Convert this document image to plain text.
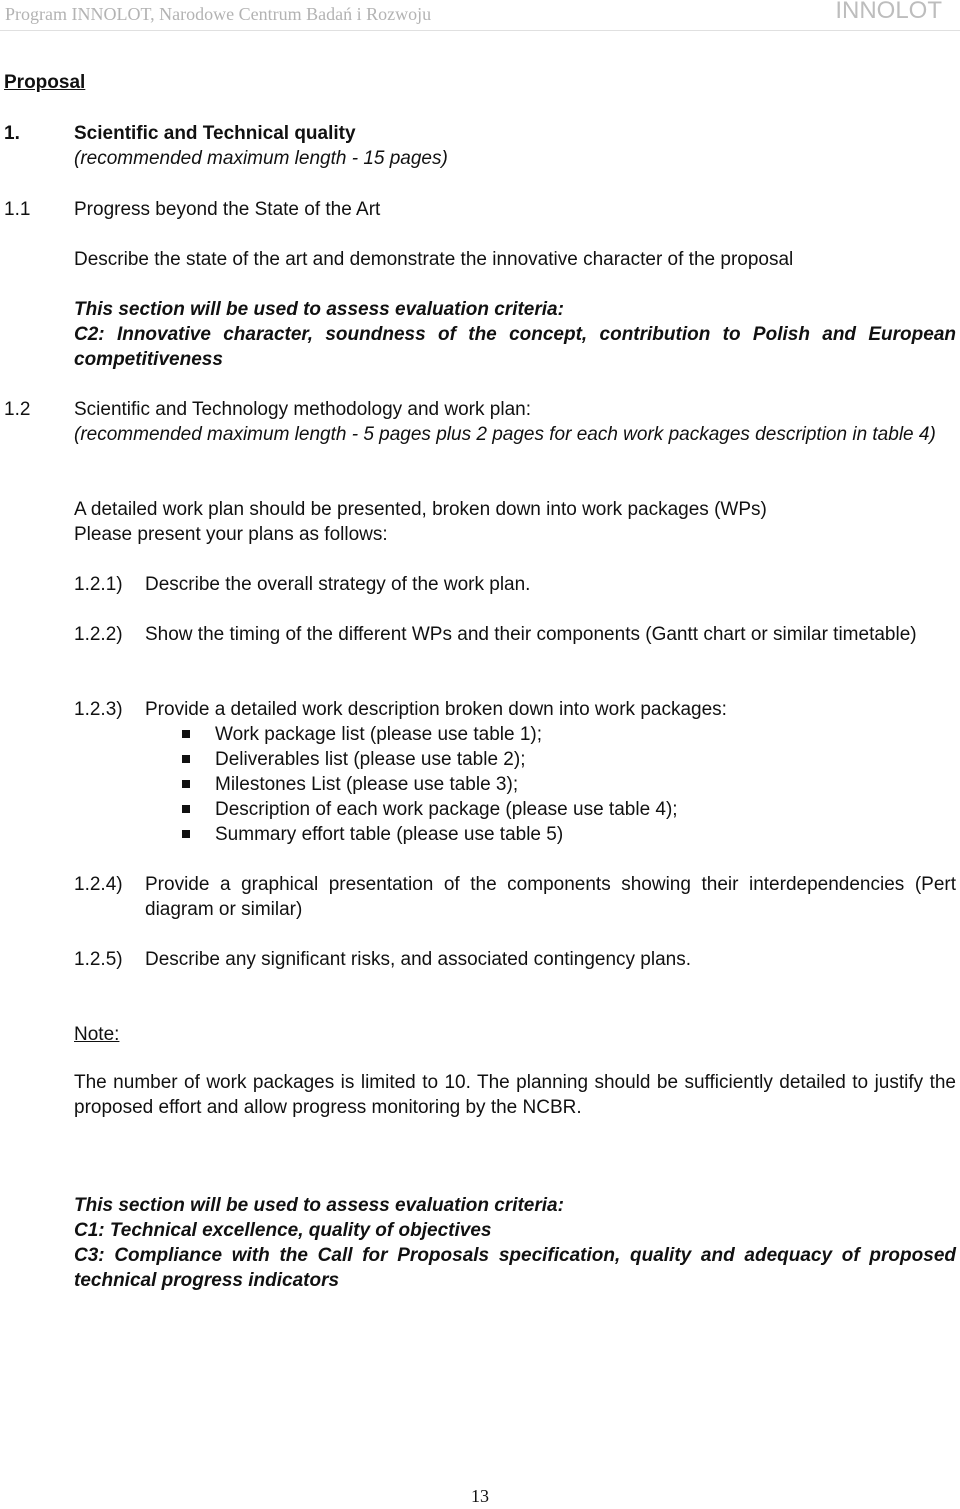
Program INNOLOT, Narodowe Centrum Badań i Rozwoju	INNOLOT
Proposal
1.	Scientific and Technical quality
(recommended maximum length - 15 pages)
1.1 Progress beyond the State of the Art
Describe the state of the art and demonstrate the innovative character of the proposal
This section will be used to assess evaluation criteria:
C2: Innovative character, soundness of the concept, contribution to Polish and European competitiveness
1.2 Scientific and Technology methodology and work plan:
(recommended maximum length - 5 pages plus 2 pages for each work packages description in table 4)
A detailed work plan should be presented, broken down into work packages (WPs)
Please present your plans as follows:
1.2.1) Describe the overall strategy of the work plan.
1.2.2) Show the timing of the different WPs and their components (Gantt chart or similar timetable)
1.2.3) Provide a detailed work description broken down into work packages:
Work package list (please use table 1);
Deliverables list (please use table 2);
Milestones List (please use table 3);
Description of each work package (please use table 4);
Summary effort table (please use table 5)
1.2.4) Provide a graphical presentation of the components showing their interdependencies (Pert diagram or similar)
1.2.5) Describe any significant risks, and associated contingency plans.
Note:
The number of work packages is limited to 10. The planning should be sufficiently detailed to justify the proposed effort and allow progress monitoring by the NCBR.
This section will be used to assess evaluation criteria:
C1: Technical excellence, quality of objectives
C3: Compliance with the Call for Proposals specification, quality and adequacy of proposed technical progress indicators
13
